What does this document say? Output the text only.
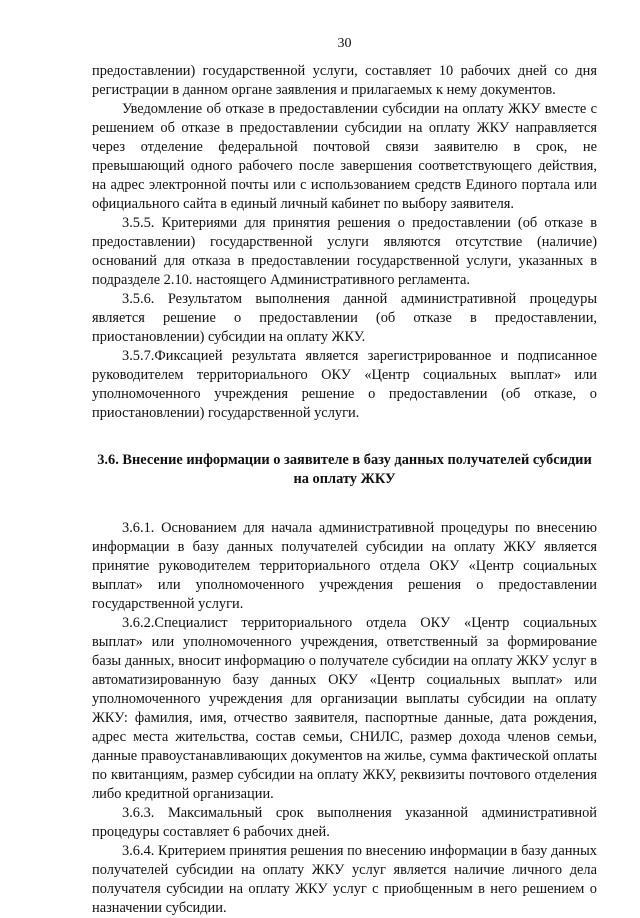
30

предоставлении) государственной услуги, составляет 10 рабочих дней со дня регистрации в данном органе заявления и прилагаемых к нему документов.

Уведомление об отказе в предоставлении субсидии на оплату ЖКУ вместе с решением об отказе в предоставлении субсидии на оплату ЖКУ направляется через отделение федеральной почтовой связи заявителю в срок, не превышающий одного рабочего после завершения соответствующего действия, на адрес электронной почты или с использованием средств Единого портала или официального сайта в единый личный кабинет по выбору заявителя.

3.5.5. Критериями для принятия решения о предоставлении (об отказе в предоставлении) государственной услуги являются отсутствие (наличие) оснований для отказа в предоставлении государственной услуги, указанных в подразделе 2.10. настоящего Административного регламента.

3.5.6. Результатом выполнения данной административной процедуры является решение о предоставлении (об отказе в предоставлении, приостановлении) субсидии на оплату ЖКУ.

3.5.7.Фиксацией результата является зарегистрированное и подписанное руководителем территориального ОКУ «Центр социальных выплат» или уполномоченного учреждения решение о предоставлении (об отказе, о приостановлении) государственной услуги.

3.6. Внесение информации о заявителе в базу данных получателей субсидии на оплату ЖКУ

3.6.1. Основанием для начала административной процедуры по внесению информации в базу данных получателей субсидии на оплату ЖКУ является принятие руководителем территориального отдела ОКУ «Центр социальных выплат» или уполномоченного учреждения решения о предоставлении государственной услуги.

3.6.2.Специалист территориального отдела ОКУ «Центр социальных выплат» или уполномоченного учреждения, ответственный за формирование базы данных, вносит информацию о получателе субсидии на оплату ЖКУ услуг в автоматизированную базу данных ОКУ «Центр социальных выплат» или уполномоченного учреждения для организации выплаты субсидии на оплату ЖКУ: фамилия, имя, отчество заявителя, паспортные данные, дата рождения, адрес места жительства, состав семьи, СНИЛС, размер дохода членов семьи, данные правоустанавливающих документов на жилье, сумма фактической оплаты по квитанциям, размер субсидии на оплату ЖКУ, реквизиты почтового отделения либо кредитной организации.

3.6.3. Максимальный срок выполнения указанной административной процедуры составляет 6 рабочих дней.

3.6.4. Критерием принятия решения по внесению информации в базу данных получателей субсидии на оплату ЖКУ услуг является наличие личного дела получателя субсидии на оплату ЖКУ услуг с приобщенным в него решением о назначении субсидии.
